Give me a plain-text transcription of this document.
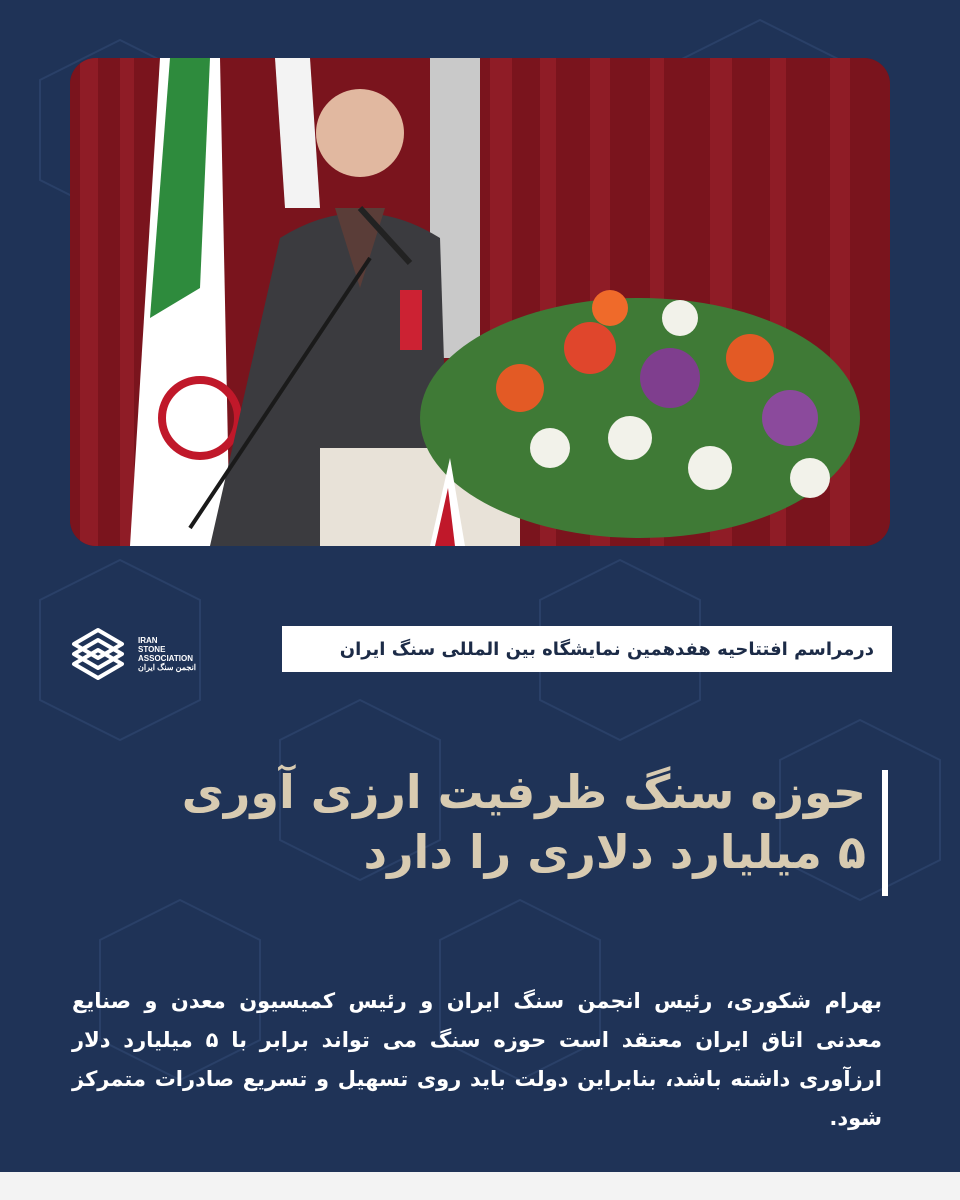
IRAN
STONE
ASSOCIATION
انجمن سنگ ایران
درمراسم افتتاحیه هفدهمین نمایشگاه بین المللی سنگ ایران
حوزه سنگ ظرفیت ارزی آوری
۵ میلیارد دلاری را دارد
بهرام شکوری، رئیس انجمن سنگ ایران و رئیس کمیسیون معدن و صنایع معدنی اتاق ایران معتقد است حوزه سنگ می تواند برابر با ۵ میلیارد دلار ارزآوری داشته باشد، بنابراین دولت باید روی تسهیل و تسریع صادرات متمرکز شود.
